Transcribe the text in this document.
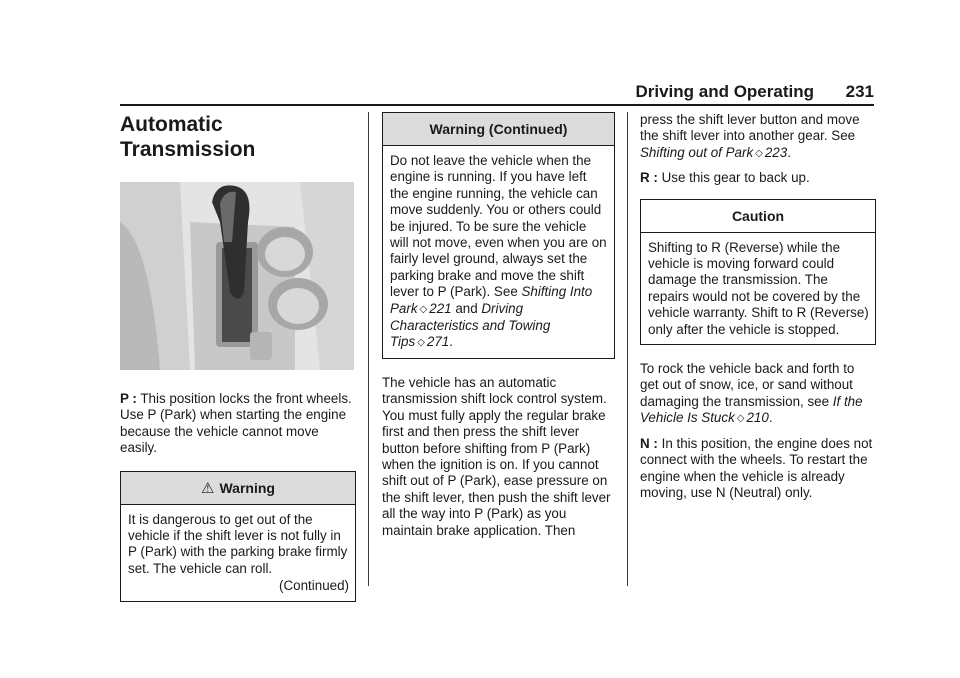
Driving and Operating 231
Automatic
Transmission

P : This position locks the front wheels. Use P (Park) when starting the engine because the vehicle cannot move easily.

⚠ Warning

It is dangerous to get out of the vehicle if the shift lever is not fully in P (Park) with the parking brake firmly set. The vehicle can roll.

(Continued)
Warning (Continued)

Do not leave the vehicle when the engine is running. If you have left the engine running, the vehicle can move suddenly. You or others could be injured. To be sure the vehicle will not move, even when you are on fairly level ground, always set the parking brake and move the shift lever to P (Park). See Shifting Into Park ◇ 221 and Driving Characteristics and Towing Tips ◇ 271.

The vehicle has an automatic transmission shift lock control system. You must fully apply the regular brake first and then press the shift lever button before shifting from P (Park) when the ignition is on. If you cannot shift out of P (Park), ease pressure on the shift lever, then push the shift lever all the way into P (Park) as you maintain brake application. Then

press the shift lever button and move the shift lever into another gear. See Shifting out of Park ◇ 223.

R : Use this gear to back up.

Caution

Shifting to R (Reverse) while the vehicle is moving forward could damage the transmission. The repairs would not be covered by the vehicle warranty. Shift to R (Reverse) only after the vehicle is stopped.

To rock the vehicle back and forth to get out of snow, ice, or sand without damaging the transmission, see If the Vehicle Is Stuck ◇ 210.

N : In this position, the engine does not connect with the wheels. To restart the engine when the vehicle is already moving, use N (Neutral) only.
